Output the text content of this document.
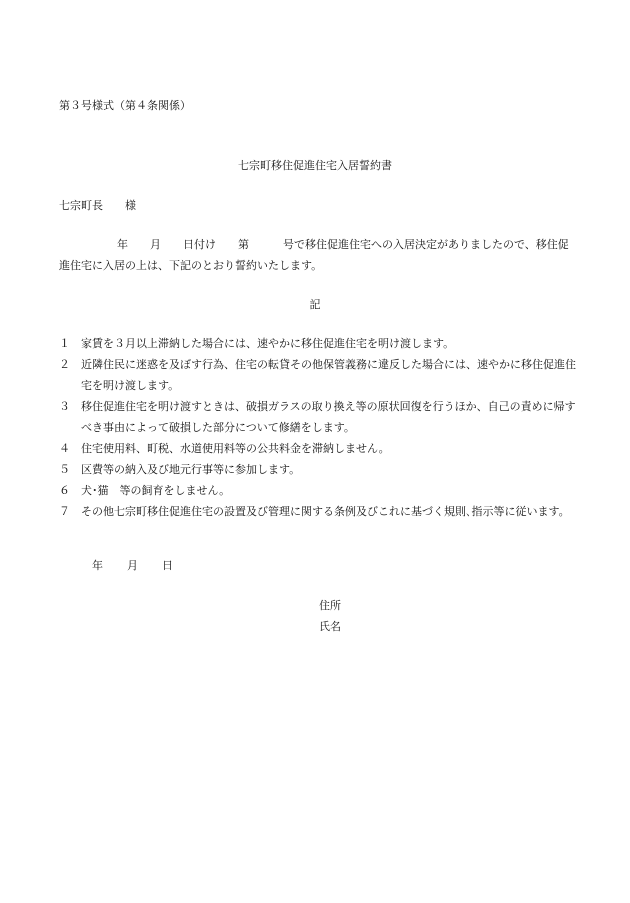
第３号様式（第４条関係）
七宗町移住促進住宅入居誓約書
七宗町長 様
年 月 日付け 第	号で移住促進住宅への入居決定がありましたので、移住促進住宅に入居の上は、下記のとおり誓約いたします。
記
１ 家賃を３月以上滞納した場合には、速やかに移住促進住宅を明け渡します。
２ 近隣住民に迷惑を及ぼす行為、住宅の転貸その他保管義務に違反した場合には、速やかに移住促進住宅を明け渡します。
３ 移住促進住宅を明け渡すときは、破損ガラスの取り換え等の原状回復を行うほか、自己の責めに帰すべき事由によって破損した部分について修繕をします。
４ 住宅使用料、町税、水道使用料等の公共料金を滞納しません。
５ 区費等の納入及び地元行事等に参加します。
６ 犬･猫　等の飼育をしません。
７ その他七宗町移住促進住宅の設置及び管理に関する条例及びこれに基づく規則､指示等に従います。
年 月 日
住所
氏名
